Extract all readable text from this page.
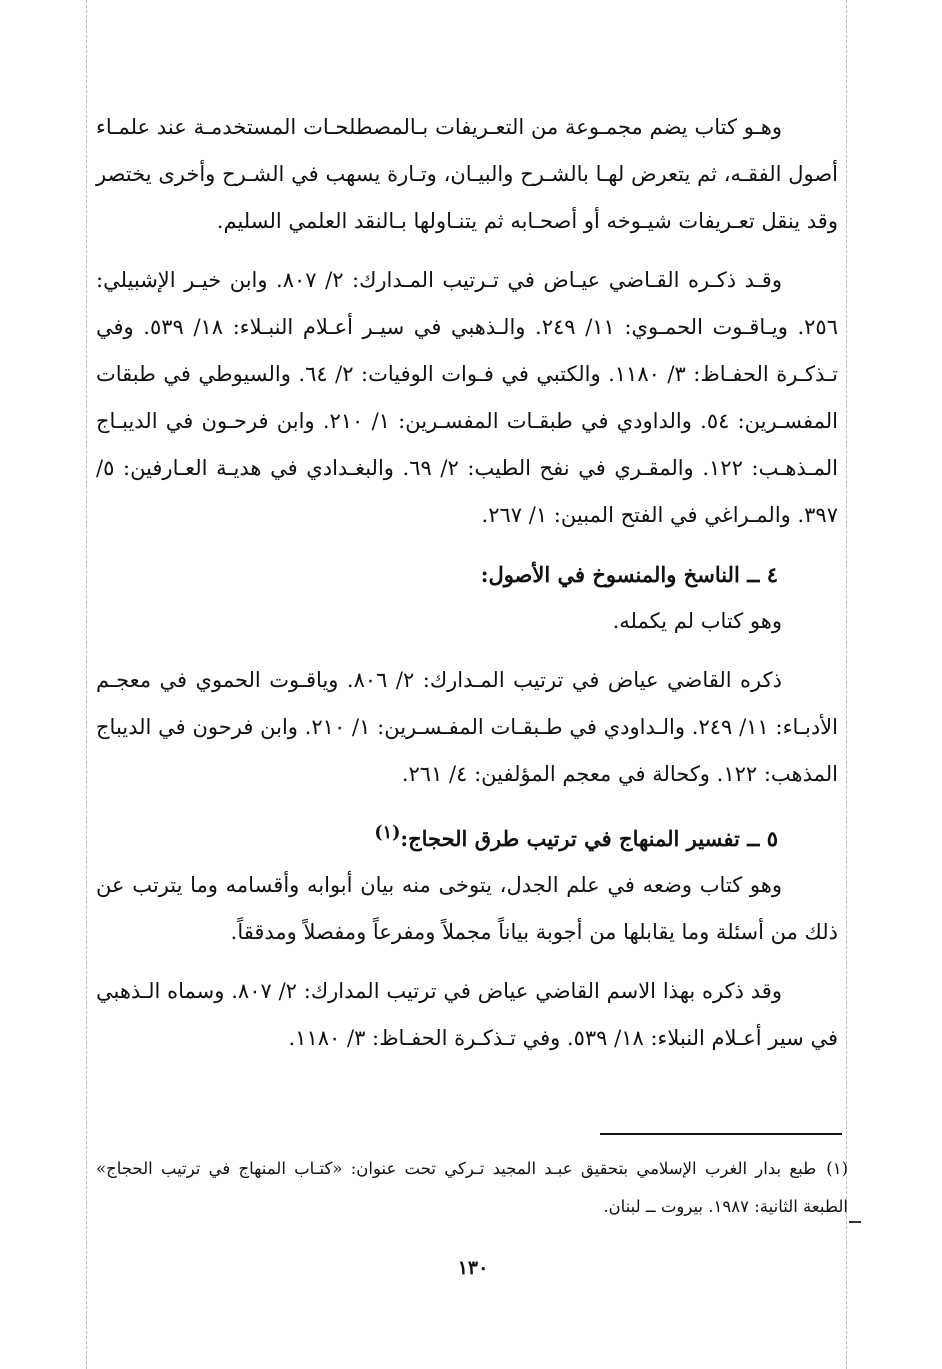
وهـو كتاب يضم مجمـوعة من التعـريفات بـالمصطلحـات المستخدمـة عند علمـاء أصول الفقـه، ثم يتعرض لهـا بالشـرح والبيـان، وتـارة يسهب في الشـرح وأخرى يختصر وقد ينقل تعـريفات شيـوخه أو أصحـابه ثم يتنـاولها بـالنقد العلمي السليم.

وقـد ذكـره القـاضي عيـاض في تـرتيب المـدارك: ٢/ ٨٠٧. وابن خيـر الإشبيلي: ٢٥٦. ويـاقـوت الحمـوي: ١١/ ٢٤٩. والـذهبي في سيـر أعـلام النبـلاء: ١٨/ ٥٣٩. وفي تـذكـرة الحفـاظ: ٣/ ١١٨٠. والكتبي في فـوات الوفيات: ٢/ ٦٤. والسيوطي في طبقات المفسـرين: ٥٤. والداودي في طبقـات المفسـرين: ١/ ٢١٠. وابن فرحـون في الديبـاج المـذهـب: ١٢٢. والمقـري في نفح الطيب: ٢/ ٦٩. والبغـدادي في هديـة العـارفين: ٥/ ٣٩٧. والمـراغي في الفتح المبين: ١/ ٢٦٧.

٤ ــ الناسخ والمنسوخ في الأصول:

وهو كتاب لم يكمله.

ذكره القاضي عياض في ترتيب المـدارك: ٢/ ٨٠٦. وياقـوت الحموي في معجـم الأدبـاء: ١١/ ٢٤٩. والـداودي في طـبقـات المفـسـرين: ١/ ٢١٠. وابن فرحون في الديباج المذهب: ١٢٢. وكحالة في معجم المؤلفين: ٤/ ٢٦١.

٥ ــ تفسير المنهاج في ترتيب طرق الحجاج:$^{(١)}$

وهو كتاب وضعه في علم الجدل، يتوخى منه بيان أبوابه وأقسامه وما يترتب عن ذلك من أسئلة وما يقابلها من أجوبة بياناً مجملاً ومفرعاً ومفصلاً ومدققاً.

وقد ذكره بهذا الاسم القاضي عياض في ترتيب المدارك: ٢/ ٨٠٧. وسماه الـذهبي في سير أعـلام النبلاء: ١٨/ ٥٣٩. وفي تـذكـرة الحفـاظ: ٣/ ١١٨٠.

(١)طبع بدار الغرب الإسلامي بتحقيق عبـد المجيد تـركي تحت عنوان: «كتـاب المنهاج في ترتيب الحجاج» الطبعة الثانية: ١٩٨٧. بيروت ــ لبنان.
١٣٠
